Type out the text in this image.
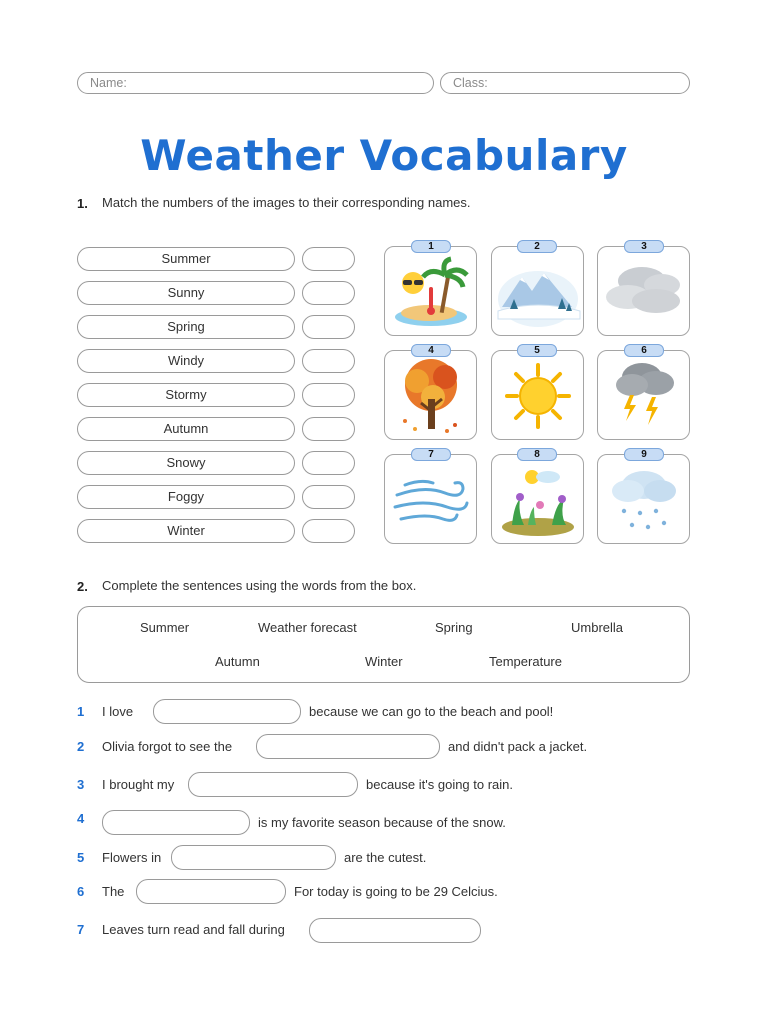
Name:	Class:
Weather Vocabulary
1. Match the numbers of the images to their corresponding names.
Summer
Sunny
Spring
Windy
Stormy
Autumn
Snowy
Foggy
Winter
1	2	3
4	5	6
7	8	9
2. Complete the sentences using the words from the box.
Summer	Weather forecast	Spring	Umbrella
Autumn	Winter	Temperature
1 I love	because we can go to the beach and pool!
2 Olivia forgot to see the	and didn't pack a jacket.
3 I brought my	because it's going to rain.
4	is my favorite season because of the snow.
5 Flowers in	are the cutest.
6 The	For today is going to be 29 Celcius.
7 Leaves turn read and fall during
